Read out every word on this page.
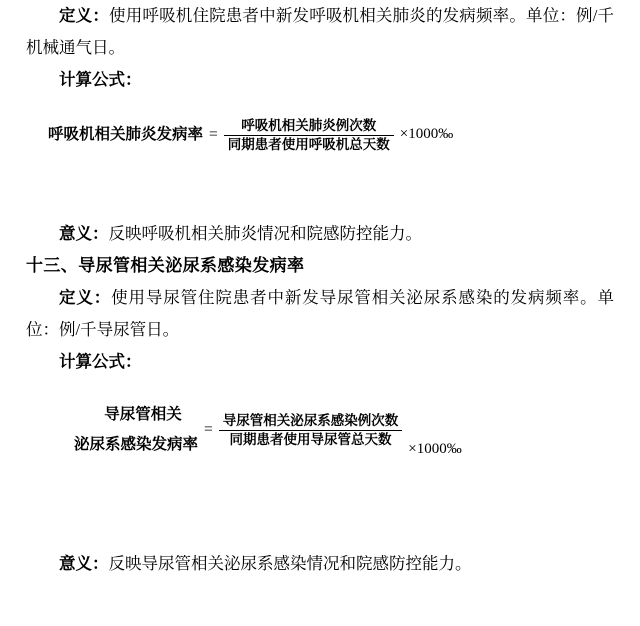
定义：使用呼吸机住院患者中新发呼吸机相关肺炎的发病频率。单位：例/千机械通气日。

计算公式：

呼吸机相关肺炎发病率 = $\frac{\text{呼吸机相关肺炎例次数}}{\text{同期患者使用呼吸机总天数}}$ ×1000‰

意义：反映呼吸机相关肺炎情况和院感防控能力。

十三、导尿管相关泌尿系感染发病率

定义：使用导尿管住院患者中新发导尿管相关泌尿系感染的发病频率。单位：例/千导尿管日。

计算公式：

导尿管相关
泌尿系感染发病率
= $\frac{\text{导尿管相关泌尿系感染例次数}}{\text{同期患者使用导尿管总天数}}$
×1000‰

意义：反映导尿管相关泌尿系感染情况和院感防控能力。
